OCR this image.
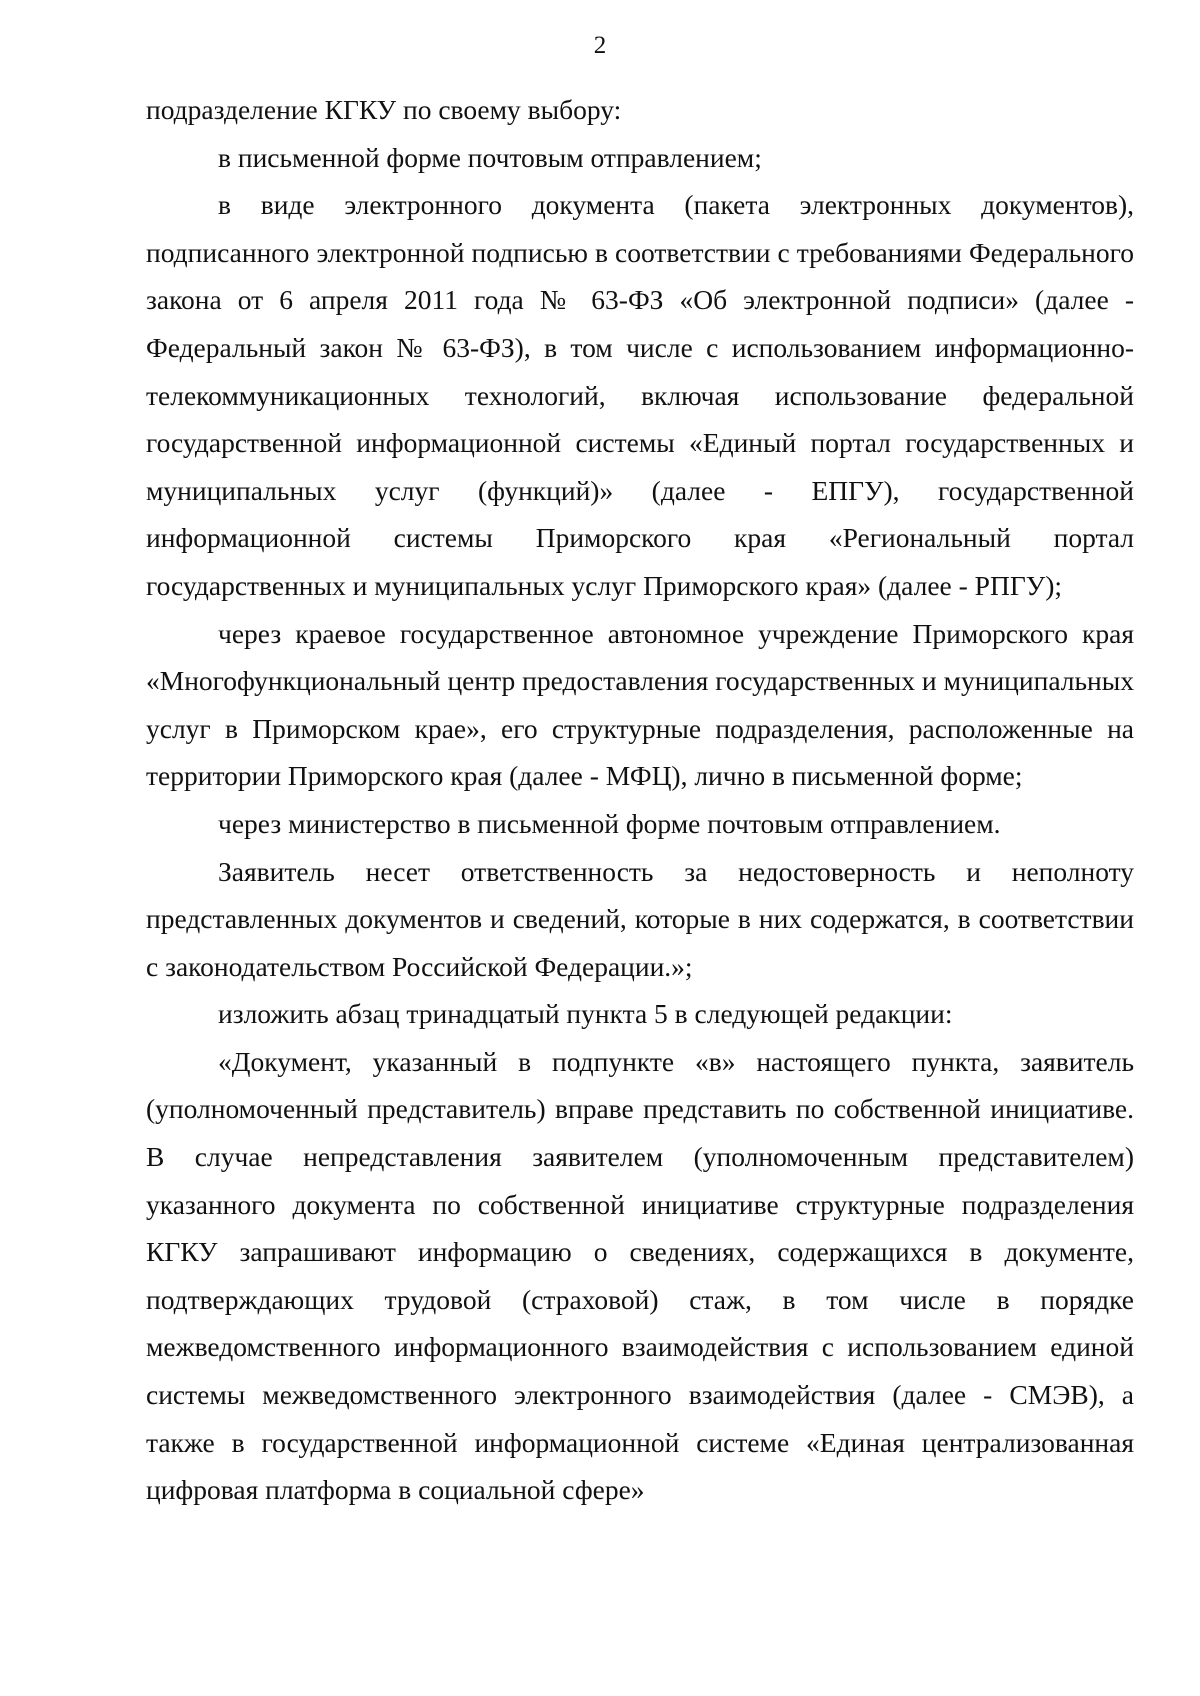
2

подразделение КГКУ по своему выбору:

в письменной форме почтовым отправлением;

в виде электронного документа (пакета электронных документов), подписанного электронной подписью в соответствии с требованиями Федерального закона от 6 апреля 2011 года № 63-ФЗ «Об электронной подписи» (далее - Федеральный закон № 63-ФЗ), в том числе с использованием информационно-телекоммуникационных технологий, включая использование федеральной государственной информационной системы «Единый портал государственных и муниципальных услуг (функций)» (далее - ЕПГУ), государственной информационной системы Приморского края «Региональный портал государственных и муниципальных услуг Приморского края» (далее - РПГУ);

через краевое государственное автономное учреждение Приморского края «Многофункциональный центр предоставления государственных и муниципальных услуг в Приморском крае», его структурные подразделения, расположенные на территории Приморского края (далее - МФЦ), лично в письменной форме;

через министерство в письменной форме почтовым отправлением.

Заявитель несет ответственность за недостоверность и неполноту представленных документов и сведений, которые в них содержатся, в соответствии с законодательством Российской Федерации.»;

изложить абзац тринадцатый пункта 5 в следующей редакции:

«Документ, указанный в подпункте «в» настоящего пункта, заявитель (уполномоченный представитель) вправе представить по собственной инициативе. В случае непредставления заявителем (уполномоченным представителем) указанного документа по собственной инициативе структурные подразделения КГКУ запрашивают информацию о сведениях, содержащихся в документе, подтверждающих трудовой (страховой) стаж, в том числе в порядке межведомственного информационного взаимодействия с использованием единой системы межведомственного электронного взаимодействия (далее - СМЭВ), а также в государственной информационной системе «Единая централизованная цифровая платформа в социальной сфере»
